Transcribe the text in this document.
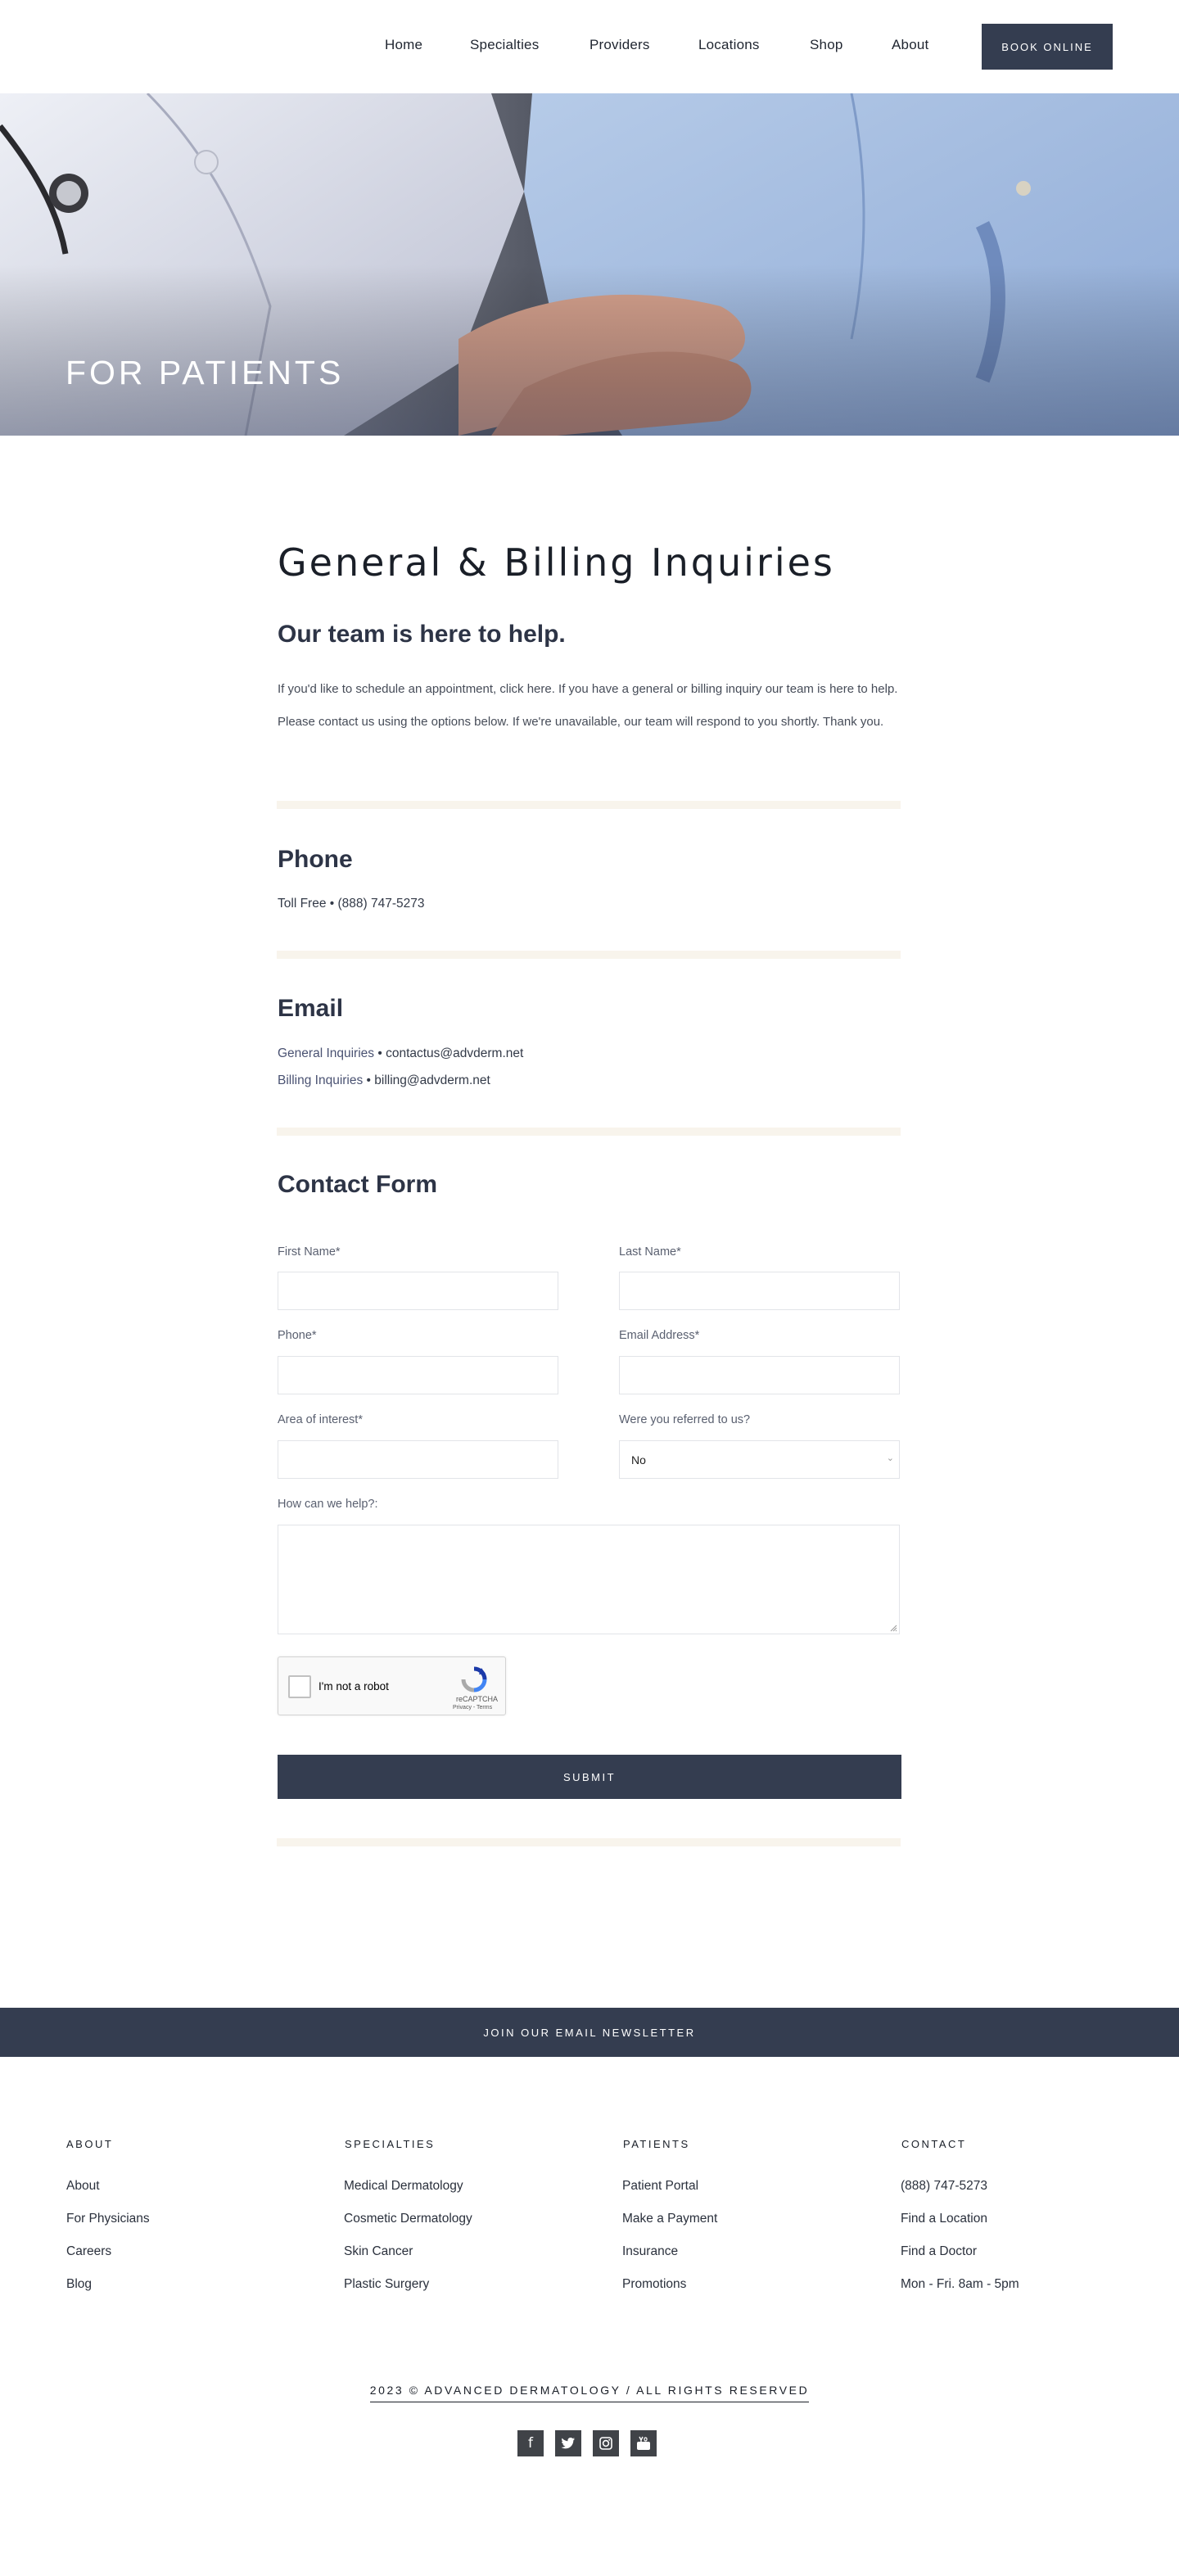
Home	Specialties	Providers	Locations	Shop	About	BOOK ONLINE
FOR PATIENTS
General & Billing Inquiries
Our team is here to help.

If you'd like to schedule an appointment, click here. If you have a general or billing inquiry our team is here to help. Please contact us using the options below. If we're unavailable, our team will respond to you shortly. Thank you.

Phone
Toll Free • (888) 747-5273
Email
General Inquiries • contactus@advderm.net
Billing Inquiries • billing@advderm.net
Contact Form
First Name*	Last Name*
Phone*	Email Address*
Area of interest*	Were you referred to us?
No	⌄
How can we help?:
I'm not a robot
reCAPTCHA
Privacy - Terms
SUBMIT
JOIN OUR EMAIL NEWSLETTER
ABOUT
About
For Physicians
Careers
Blog
SPECIALTIES
Medical Dermatology
Cosmetic Dermatology
Skin Cancer
Plastic Surgery
PATIENTS
Patient Portal
Make a Payment
Insurance
Promotions
CONTACT
(888) 747-5273
Find a Location
Find a Doctor
Mon - Fri. 8am - 5pm
2023 © ADVANCED DERMATOLOGY / ALL RIGHTS RESERVED
f
